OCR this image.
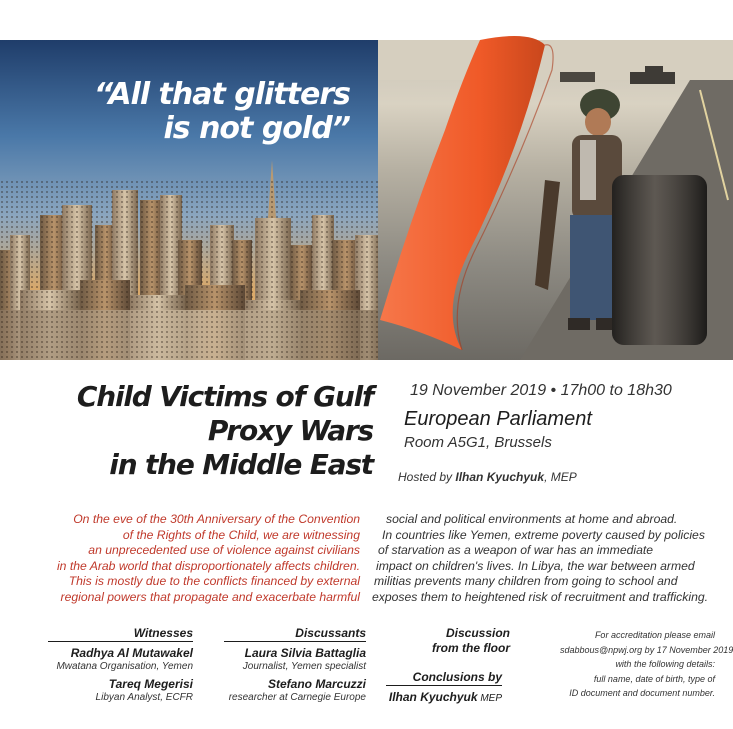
“All that glitters
is not gold”
Child Victims of Gulf
Proxy Wars
in the Middle East
19 November 2019 • 17h00 to 18h30
European Parliament
Room A5G1, Brussels
Hosted by Ilhan Kyuchyuk, MEP
On the eve of the 30th Anniversary of the Convention
of the Rights of the Child, we are witnessing
an unprecedented use of violence against civilians
in the Arab world that disproportionately affects children.
This is mostly due to the conflicts financed by external
regional powers that propagate and exacerbate harmful
social and political environments at home and abroad.
In countries like Yemen, extreme poverty caused by policies
of starvation as a weapon of war has an immediate
impact on children's lives. In Libya, the war between armed
militias prevents many children from going to school and
exposes them to heightened risk of recruitment and trafficking.
Witnesses
Radhya Al Mutawakel
Mwatana Organisation, Yemen
Tareq Megerisi
Libyan Analyst, ECFR
Discussants
Laura Silvia Battaglia
Journalist, Yemen specialist
Stefano Marcuzzi
researcher at Carnegie Europe
Discussion
from the floor
Conclusions by
Ilhan Kyuchyuk MEP
For accreditation please email
sdabbous@npwj.org by 17 November 2019
with the following details:
full name, date of birth, type of
ID document and document number.
